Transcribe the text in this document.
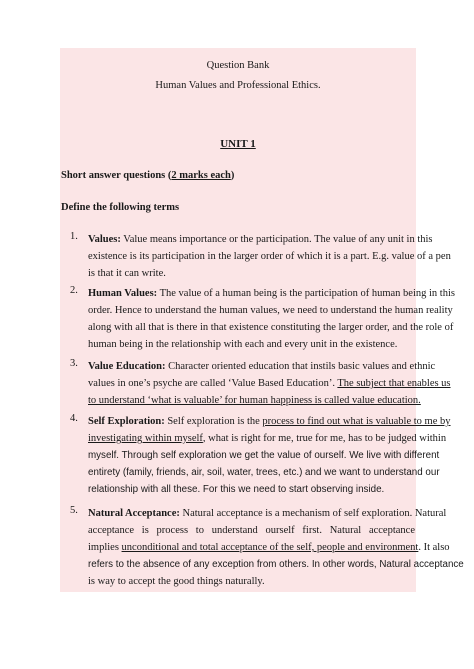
Question Bank
Human Values and Professional Ethics.
UNIT 1
Short answer questions (2 marks each)
Define the following terms
1. Values: Value means importance or the participation. The value of any unit in this
existence is its participation in the larger order of which it is a part. E.g. value of a pen
is that it can write.
2. Human Values: The value of a human being is the participation of human being in this
order. Hence to understand the human values, we need to understand the human reality
along with all that is there in that existence constituting the larger order, and the role of
human being in the relationship with each and every unit in the existence.
3. Value Education: Character oriented education that instils basic values and ethnic
values in one’s psyche are called ‘Value Based Education’. The subject that enables us
to understand ‘what is valuable’ for human happiness is called value education.
4. Self Exploration: Self exploration is the process to find out what is valuable to me by
investigating within myself, what is right for me, true for me, has to be judged within
myself. Through self exploration we get the value of ourself. We live with different
entirety (family, friends, air, soil, water, trees, etc.) and we want to understand our
relationship with all these. For this we need to start observing inside.
5. Natural Acceptance: Natural acceptance is a mechanism of self exploration. Natural
acceptance is process to understand ourself first. Natural acceptance
implies unconditional and total acceptance of the self, people and environment. It also
refers to the absence of any exception from others. In other words, Natural acceptance
is way to accept the good things naturally.
